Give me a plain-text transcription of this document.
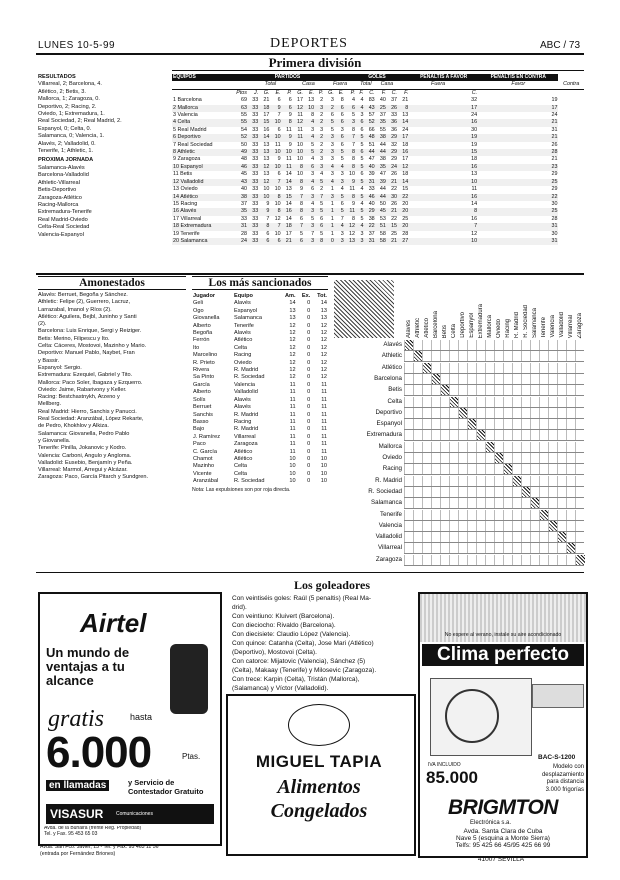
LUNES 10-5-99	DEPORTES	ABC / 73
Primera división
RESULTADOS
Villarreal, 2; Barcelona, 4.
Atlético, 2; Betis, 3.
Mallorca, 1; Zaragoza, 0.
Deportivo, 2; Racing, 2.
Oviedo, 1; Extremadura, 1.
Real Sociedad, 2; Real Madrid, 2.
Espanyol, 0; Celta, 0.
Salamanca, 0; Valencia, 1.
Alavés, 2; Valladolid, 0.
Tenerife, 1; Athletic, 1.
PRÓXIMA JORNADA
Salamanca-Alavés
Barcelona-Valladolid
Athletic-Villarreal
Betis-Deportivo
Zaragoza-Atlético
Racing-Mallorca
Extremadura-Tenerife
Real Madrid-Oviedo
Celta-Real Sociedad
Valencia-Espanyol
EQUIPOS	PARTIDOS										GOLES						PENALTIS A FAVOR	PENALTIS EN CONTRA	
		Total				Casa			Fuera			Total		Casa		Fuera		Favor	Contra
	Ptos	J.	G.	E.	P.	G.	E.	P.	G.	E.	P.	F.	C.	F.	C.	F.	C.		
1 Barcelona	69	33	21	6	6	17	13	2	3	8	4	4	83	40	37	21	32	19	
2 Mallorca	63	33	18	9	6	12	10	3	2	6	6	4	43	25	26	8	17	17	
3 Valencia	55	33	17	7	9	11	8	2	6	6	5	3	57	37	33	13	24	24	
4 Celta	55	33	15	10	8	12	4	2	5	6	3	6	52	35	36	14	16	21	
5 Real Madrid	54	33	16	6	11	11	3	3	5	3	8	6	66	55	36	24	30	31	
6 Deportivo	52	33	14	10	9	11	4	2	3	6	7	5	48	38	29	17	19	21	
7 Real Sociedad	50	33	13	11	9	10	5	2	3	6	7	5	51	44	32	18	19	26	
8 Athletic	49	33	13	10	10	10	5	2	3	5	8	6	44	44	29	16	15	28	
9 Zaragoza	48	33	13	9	11	10	4	3	3	5	8	5	47	38	29	17	18	21	
10 Espanyol	46	33	12	10	11	8	6	3	4	4	8	5	40	35	24	12	16	23	
11 Betis	45	33	13	6	14	10	3	4	3	3	10	6	39	47	26	18	13	29	
12 Valladolid	43	33	12	7	14	8	4	5	4	3	9	5	31	39	21	14	10	25	
13 Oviedo	40	33	10	10	13	9	6	2	1	4	11	4	33	44	22	15	11	29	
14 Atlético	38	33	10	8	15	7	3	7	3	5	8	5	46	44	30	22	16	22	
15 Racing	37	33	9	10	14	8	4	5	1	6	9	4	40	50	26	20	14	30	
16 Alavés	35	33	9	8	16	8	3	5	1	5	11	5	29	45	21	20	8	25	
17 Villarreal	33	33	7	12	14	6	5	6	1	7	8	5	38	53	22	25	16	28	
18 Extremadura	31	33	8	7	18	7	3	6	1	4	12	4	22	51	15	20	7	31	
19 Tenerife	28	33	6	10	17	5	7	5	1	3	12	3	37	58	25	28	12	30	
20 Salamanca	24	33	6	6	21	6	3	8	0	3	13	3	31	58	21	27	10	31	
Amonestados
Alavés: Berruet, Begoña y Sánchez.
Athletic: Felipe (2), Guerrero, Lacruz,
Larrazabal, Imanol y Ríos (2).
Atlético: Aguilera, Bejbl, Juninho y Santi
(2).
Barcelona: Luis Enrique, Sergi y Reiziger.
Betis: Merino, Filipescu y Ito.
Celta: Cáceres, Mostovoi, Mazinho y Mario.
Deportivo: Manuel Pablo, Naybet, Fran
y Bassir.
Espanyol: Sergio.
Extremadura: Ezequiel, Gabriel y Tito.
Mallorca: Paco Soler, Ibagaza y Ezquerro.
Oviedo: Jaime, Rabarivony y Keller.
Racing: Bestchastnykh, Arzeno y
Mellberg.
Real Madrid: Hierro, Sanchis y Panucci.
Real Sociedad: Aranzábal, López Rekarte,
de Pedro, Khokhlov y Alkiza.
Salamanca: Giovanella, Pedro Pablo
y Giovanella.
Tenerife: Pinilla, Jokanovic y Kodro.
Valencia: Carboni, Angulo y Angloma.
Valladolid: Eusebio, Benjamín y Peña.
Villarreal: Marmol, Arregui y Alcázar.
Zaragoza: Paco, García Pitarch y Sundgren.
Los más sancionados
Jugador	Equipo	Am.	Ex.	Tot.
Geli	Alavés	14	0	14
Ogo	Espanyol	13	0	13
Giovanella	Salamanca	13	0	13
Alberto	Tenerife	12	0	12
Begoña	Alavés	12	0	12
Ferrón	Atlético	12	0	12
Ito	Celta	12	0	12
Marcelino	Racing	12	0	12
R. Prieto	Oviedo	12	0	12
Rivera	R. Madrid	12	0	12
Sa Pinto	R. Sociedad	12	0	12
García	Valencia	11	0	11
Alberto	Valladolid	11	0	11
Solís	Alavés	11	0	11
Berruet	Alavés	11	0	11
Sanchis	R. Madrid	11	0	11
Basso	Racing	11	0	11
Bajo	R. Madrid	11	0	11
J. Ramírez	Villarreal	11	0	11
Paco	Zaragoza	11	0	11
C. García	Atlético	11	0	11
Chamot	Atlético	10	0	10
Mazinho	Celta	10	0	10
Vicente	Celta	10	0	10
Aranzábal	R. Sociedad	10	0	10
Nota: Las expulsiones son por roja directa.
Alavés Athletic Atlético Barcelona Betis Celta Deportivo Espanyol Extremadura Mallorca Oviedo Racing R. Madrid R. Sociedad Salamanca Tenerife Valencia Valladolid Villarreal Zaragoza
Alavés
Athletic
Atlético
Barcelona
Betis
Celta
Deportivo
Espanyol
Extremadura
Mallorca
Oviedo
Racing
R. Madrid
R. Sociedad
Salamanca
Tenerife
Valencia
Valladolid
Villarreal
Zaragoza
Los goleadores
Con veintiséis goles: Raúl (5 penaltis) (Real Ma-
drid).
Con veintiuno: Kluivert (Barcelona).
Con dieciocho: Rivaldo (Barcelona).
Con diecisiete: Claudio López (Valencia).
Con quince: Catanha (Celta), Jose Mari (Atlético)
(Deportivo), Mostovoi (Celta).
Con catorce: Mijatovic (Valencia), Sánchez (5)
(Celta), Makaay (Tenerife) y Milosevic (Zaragoza).
Con trece: Karpin (Celta), Tristán (Mallorca),
(Salamanca) y Víctor (Valladolid).
Airtel
Un mundo de ventajas a tu alcance
gratis	hasta
6.000	Ptas.
en llamadas	y Servicio de Contestador Gratuito
VISASUR	Comunicaciones
Avda. de la Buhaira (frente Reg. Propiedad)
Tel. y Fax. 95 453 65 03
Avda. San Fco. Javier, 13 - Tel. y Fax. 95 463 11 56
(entrada por Fernández Briones)
MIGUEL TAPIA
Alimentos
Congelados
No espere al verano, instale su aire acondicionado
Clima perfecto
BAC-S-1200
Modelo con desplazamiento para distancia 3.000 frigorías
IVA INCLUIDO
85.000
BRIGMTON
Electrónica s.a.
Avda. Santa Clara de Cuba
Nave 5 (esquina a Monte Sierra)
Telfs: 95 425 66 45/95 425 66 99
41007 SEVILLA
